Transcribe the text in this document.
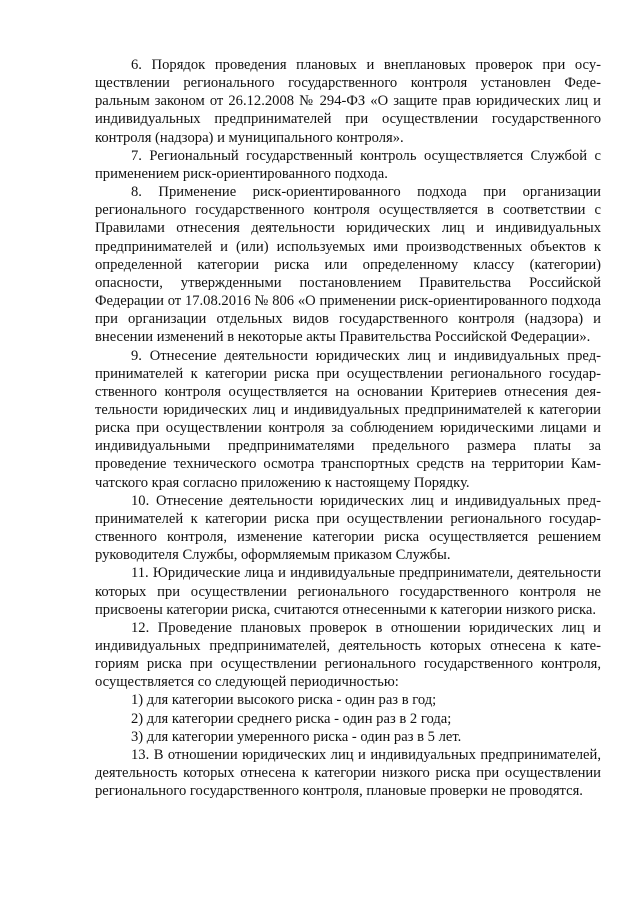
6. Порядок проведения плановых и внеплановых проверок при осуществлении регионального государственного контроля установлен Федеральным законом от 26.12.2008 № 294-ФЗ «О защите прав юридических лиц и индивидуальных предпринимателей при осуществлении государственного контроля (надзора) и муниципального контроля».

7. Региональный государственный контроль осуществляется Службой с применением риск-ориентированного подхода.

8. Применение риск-ориентированного подхода при организации регионального государственного контроля осуществляется в соответствии с Правилами отнесения деятельности юридических лиц и индивидуальных предпринимателей и (или) используемых ими производственных объектов к определенной категории риска или определенному классу (категории) опасности, утвержденными постановлением Правительства Российской Федерации от 17.08.2016 № 806 «О применении риск-ориентированного подхода при организации отдельных видов государственного контроля (надзора) и внесении изменений в некоторые акты Правительства Российской Федерации».

9. Отнесение деятельности юридических лиц и индивидуальных предпринимателей к категории риска при осуществлении регионального государственного контроля осуществляется на основании Критериев отнесения деятельности юридических лиц и индивидуальных предпринимателей к категории риска при осуществлении контроля за соблюдением юридическими лицами и индивидуальными предпринимателями предельного размера платы за проведение технического осмотра транспортных средств на территории Камчатского края согласно приложению к настоящему Порядку.

10. Отнесение деятельности юридических лиц и индивидуальных предпринимателей к категории риска при осуществлении регионального государственного контроля, изменение категории риска осуществляется решением руководителя Службы, оформляемым приказом Службы.

11. Юридические лица и индивидуальные предприниматели, деятельности которых при осуществлении регионального государственного контроля не присвоены категории риска, считаются отнесенными к категории низкого риска.

12. Проведение плановых проверок в отношении юридических лиц и индивидуальных предпринимателей, деятельность которых отнесена к категориям риска при осуществлении регионального государственного контроля, осуществляется со следующей периодичностью:

1) для категории высокого риска - один раз в год;

2) для категории среднего риска - один раз в 2 года;

3) для категории умеренного риска - один раз в 5 лет.

13. В отношении юридических лиц и индивидуальных предпринимателей, деятельность которых отнесена к категории низкого риска при осуществлении регионального государственного контроля, плановые проверки не проводятся.
